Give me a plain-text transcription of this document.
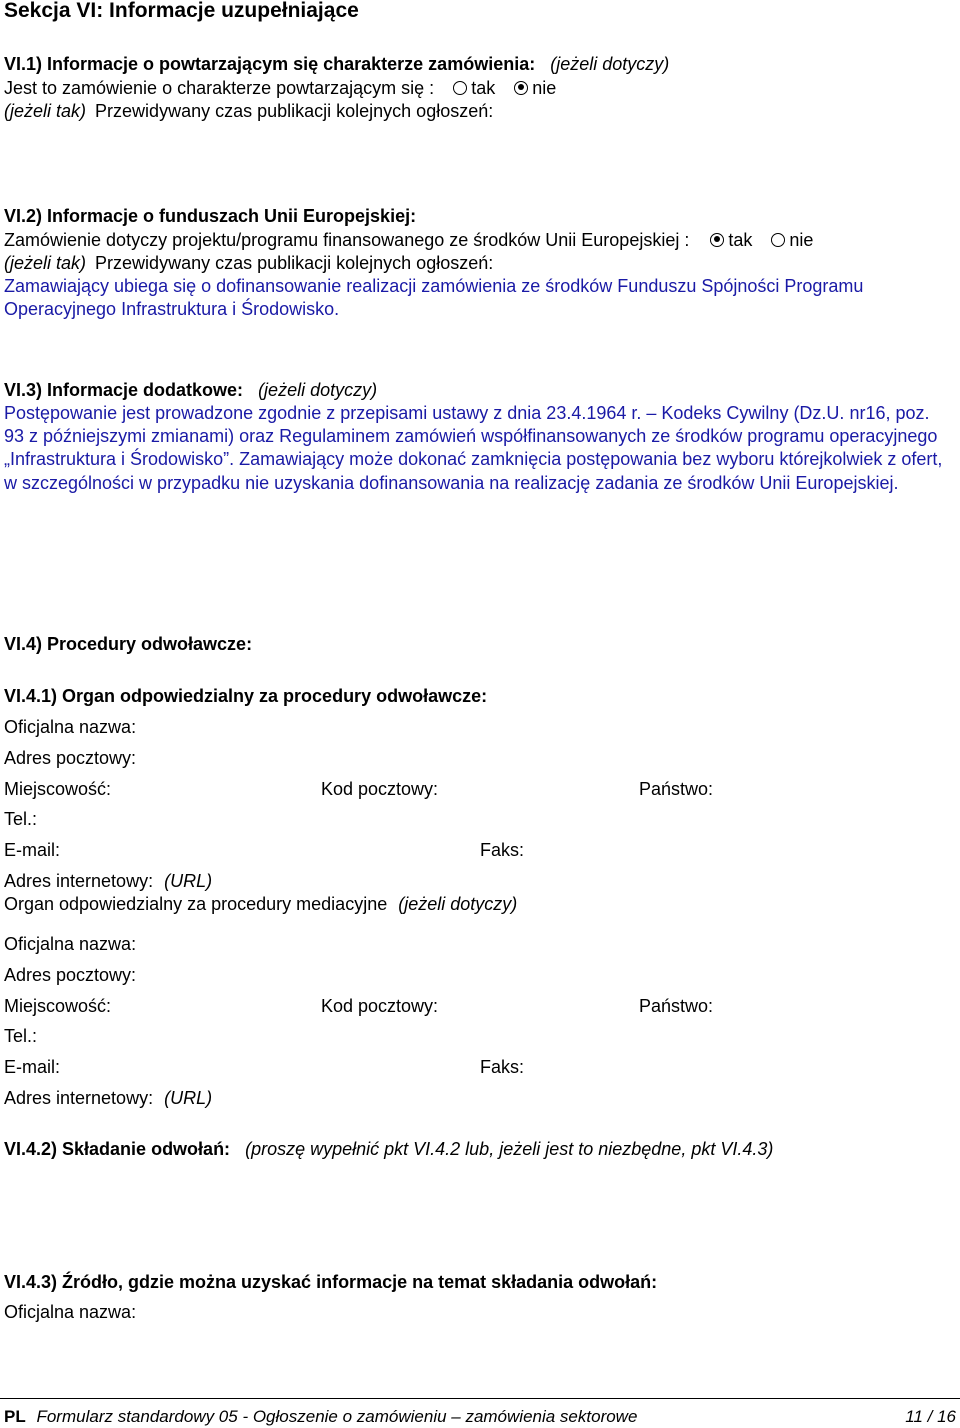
Sekcja VI: Informacje uzupełniające
VI.1) Informacje o powtarzającym się charakterze zamówienia: (jeżeli dotyczy)
Jest to zamówienie o charakterze powtarzającym się : tak nie
(jeżeli tak) Przewidywany czas publikacji kolejnych ogłoszeń:
VI.2) Informacje o funduszach Unii Europejskiej:
Zamówienie dotyczy projektu/programu finansowanego ze środków Unii Europejskiej : tak nie
(jeżeli tak) Przewidywany czas publikacji kolejnych ogłoszeń:
Zamawiający ubiega się o dofinansowanie realizacji zamówienia ze środków Funduszu Spójności Programu Operacyjnego Infrastruktura i Środowisko.
VI.3) Informacje dodatkowe: (jeżeli dotyczy)
Postępowanie jest prowadzone zgodnie z przepisami ustawy z dnia 23.4.1964 r. – Kodeks Cywilny (Dz.U. nr16, poz. 93 z późniejszymi zmianami) oraz Regulaminem zamówień współfinansowanych ze środków programu operacyjnego „Infrastruktura i Środowisko”. Zamawiający może dokonać zamknięcia postępowania bez wyboru którejkolwiek z ofert, w szczególności w przypadku nie uzyskania dofinansowania na realizację zadania ze środków Unii Europejskiej.
VI.4) Procedury odwoławcze:
VI.4.1) Organ odpowiedzialny za procedury odwoławcze:
Oficjalna nazwa:
Adres pocztowy:
Miejscowość:	Kod pocztowy:	Państwo:
Tel.:
E-mail:	Faks:
Adres internetowy: (URL)
Organ odpowiedzialny za procedury mediacyjne (jeżeli dotyczy)
Oficjalna nazwa:
Adres pocztowy:
Miejscowość:	Kod pocztowy:	Państwo:
Tel.:
E-mail:	Faks:
Adres internetowy: (URL)
VI.4.2) Składanie odwołań: (proszę wypełnić pkt VI.4.2 lub, jeżeli jest to niezbędne, pkt VI.4.3)
VI.4.3) Źródło, gdzie można uzyskać informacje na temat składania odwołań:
Oficjalna nazwa:
PL Formularz standardowy 05 - Ogłoszenie o zamówieniu – zamówienia sektorowe	11 / 16
